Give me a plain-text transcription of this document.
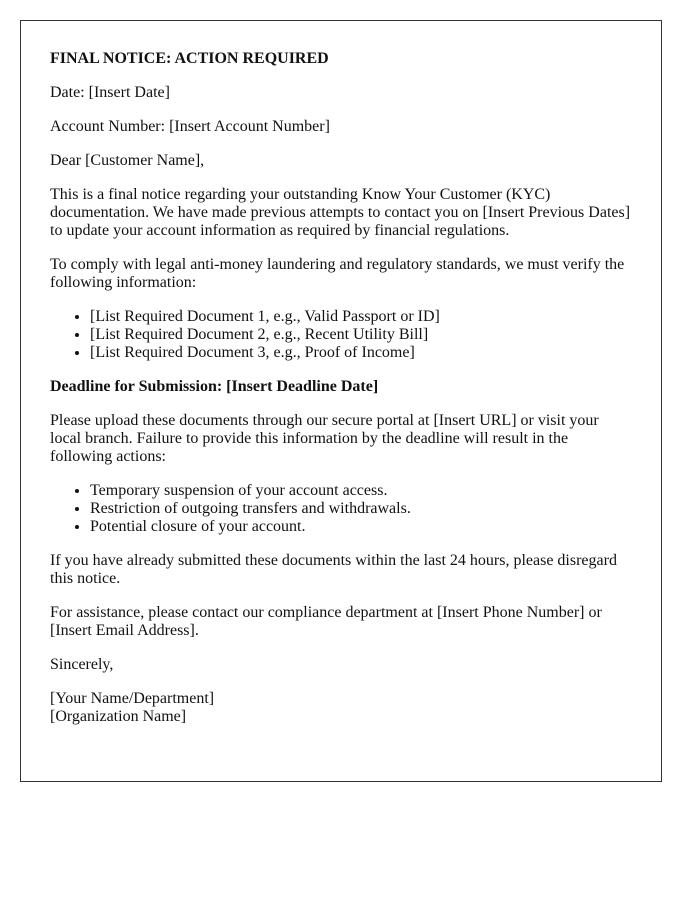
FINAL NOTICE: ACTION REQUIRED

Date: [Insert Date]

Account Number: [Insert Account Number]

Dear [Customer Name],

This is a final notice regarding your outstanding Know Your Customer (KYC) documentation. We have made previous attempts to contact you on [Insert Previous Dates] to update your account information as required by financial regulations.

To comply with legal anti-money laundering and regulatory standards, we must verify the following information:

• [List Required Document 1, e.g., Valid Passport or ID]
• [List Required Document 2, e.g., Recent Utility Bill]
• [List Required Document 3, e.g., Proof of Income]

Deadline for Submission: [Insert Deadline Date]

Please upload these documents through our secure portal at [Insert URL] or visit your local branch. Failure to provide this information by the deadline will result in the following actions:

• Temporary suspension of your account access.
• Restriction of outgoing transfers and withdrawals.
• Potential closure of your account.

If you have already submitted these documents within the last 24 hours, please disregard this notice.

For assistance, please contact our compliance department at [Insert Phone Number] or [Insert Email Address].

Sincerely,

[Your Name/Department]
[Organization Name]
